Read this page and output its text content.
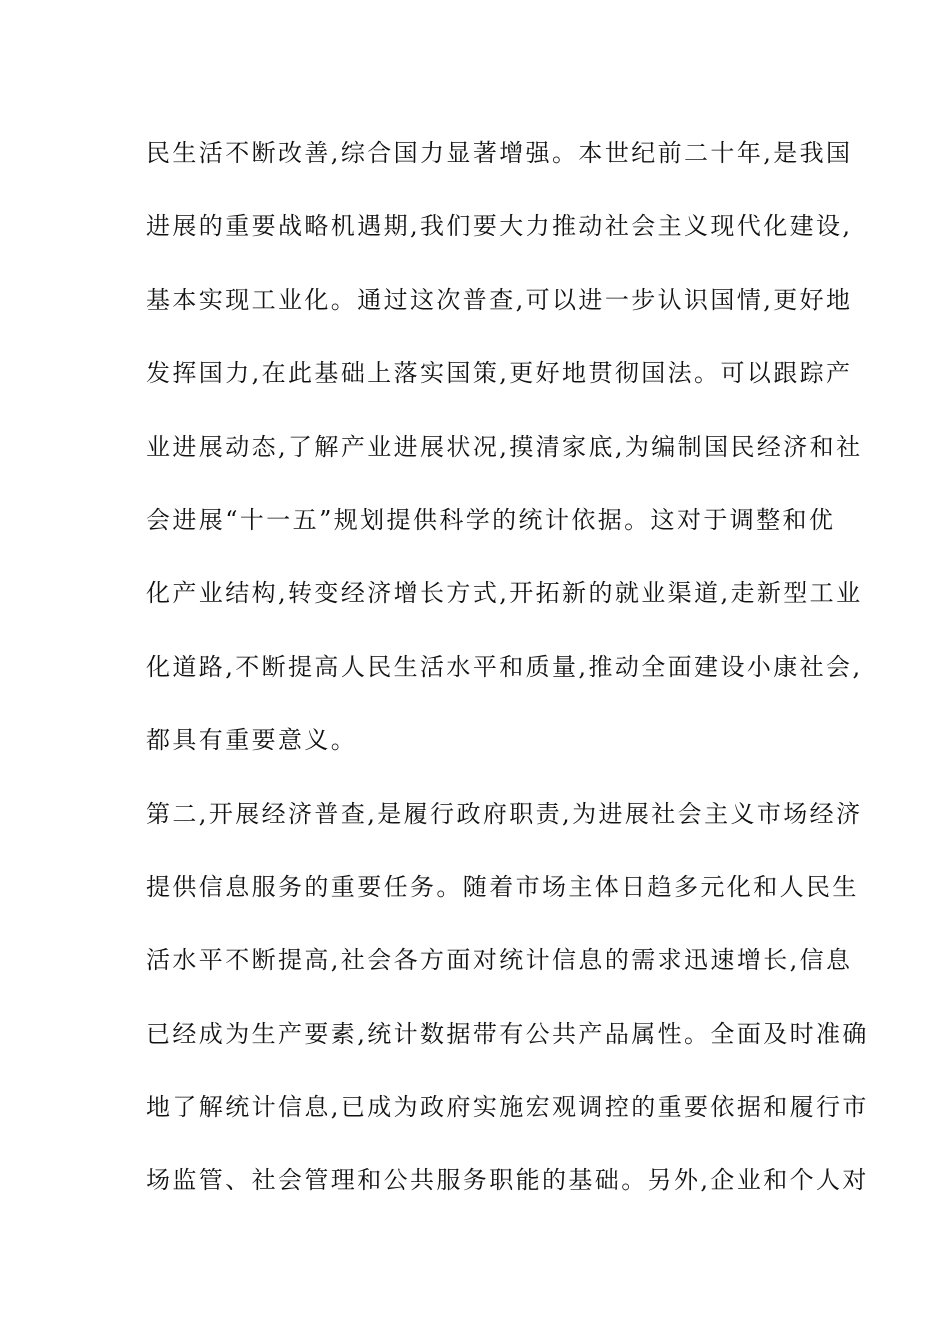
民生活不断改善,综合国力显著增强。本世纪前二十年,是我国
进展的重要战略机遇期,我们要大力推动社会主义现代化建设,
基本实现工业化。通过这次普查,可以进一步认识国情,更好地
发挥国力,在此基础上落实国策,更好地贯彻国法。可以跟踪产
业进展动态,了解产业进展状况,摸清家底,为编制国民经济和社
会进展“十一五”规划提供科学的统计依据。这对于调整和优
化产业结构,转变经济增长方式,开拓新的就业渠道,走新型工业
化道路,不断提高人民生活水平和质量,推动全面建设小康社会,
都具有重要意义。
第二,开展经济普查,是履行政府职责,为进展社会主义市场经济
提供信息服务的重要任务。随着市场主体日趋多元化和人民生
活水平不断提高,社会各方面对统计信息的需求迅速增长,信息
已经成为生产要素,统计数据带有公共产品属性。全面及时准确
地了解统计信息,已成为政府实施宏观调控的重要依据和履行市
场监管、社会管理和公共服务职能的基础。另外,企业和个人对
